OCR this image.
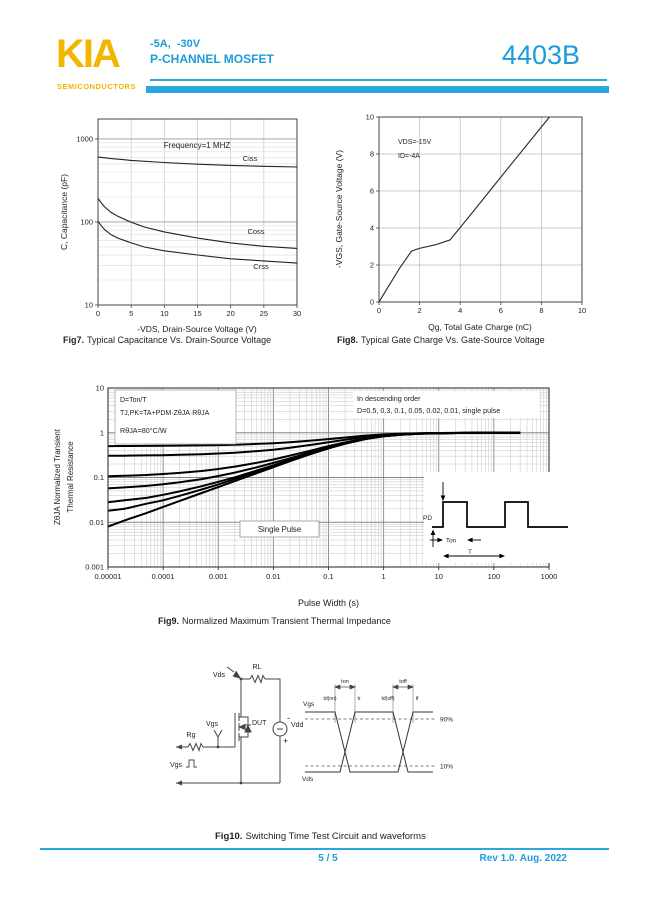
KIA
SEMICONDUCTORS
-5A,  -30V
P-CHANNEL MOSFET	4403B
0	5	10	15	20	25	30
10
100
1000
Frequency=1 MHZ
-VDS, Drain-Source Voltage (V)
C, Capacitance (pF)
Ciss
Coss
Crss
0	2	4	6	8	10
0
2
4
6
8
10
Qg, Total Gate Charge (nC)
-VGS, Gate-Source Voltage (V)
VDS=-15V
ID=-4A
In descending order
D=0.5, 0.3, 0.1, 0.05, 0.02, 0.01, single pulse
D=Ton/T
TJ,PK=TA+PDM·ZθJA·RθJA
RθJA=80°C/W
Single Pulse
PD
Ton
T
0.00001	0.0001	0.001	0.01	0.1	1	10	100	1000
10
1
0.1
0.01
0.001
ZθJA Normalized Transient Thermal Resistance
Fig7. Typical Capacitance Vs. Drain-Source Voltage	Fig8. Typical Gate Charge Vs. Gate-Source Voltage
Pulse Width (s)
Fig9. Normalized Maximum Transient Thermal Impedance
Fig10. Switching Time Test Circuit and waveforms
RL
Vds
Vgs
Rg
DUT
Vgs
-
Vdd
+
ton	toff
td(on)	tr	td(off)	tf
Vgs
Vds
90%
10%
5 / 5	Rev 1.0. Aug. 2022
